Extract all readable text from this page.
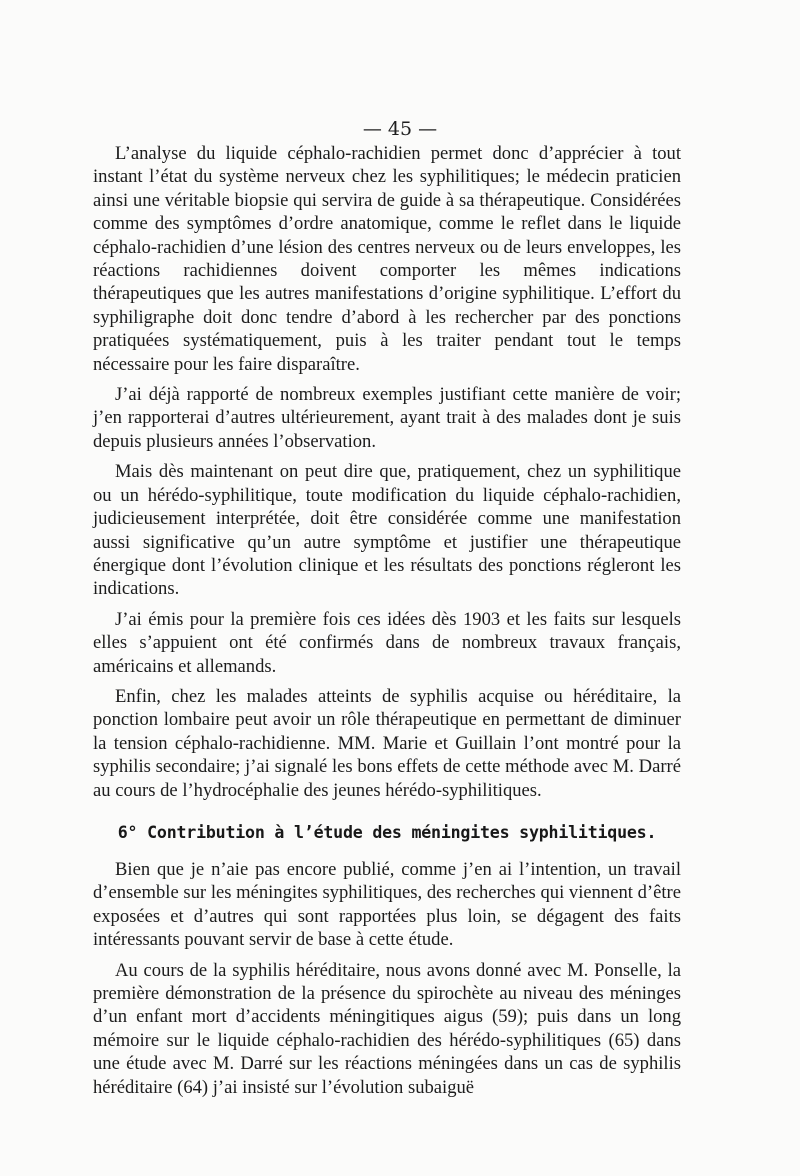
— 45 —

L’analyse du liquide céphalo-rachidien permet donc d’apprécier à tout instant l’état du système nerveux chez les syphilitiques; le médecin praticien ainsi une véritable biopsie qui servira de guide à sa thérapeutique. Considérées comme des symptômes d’ordre anatomique, comme le reflet dans le liquide céphalo-rachidien d’une lésion des centres nerveux ou de leurs enveloppes, les réactions rachidiennes doivent comporter les mêmes indications thérapeutiques que les autres manifestations d’origine syphilitique. L’effort du syphiligraphe doit donc tendre d’abord à les rechercher par des ponctions pratiquées systématiquement, puis à les traiter pendant tout le temps nécessaire pour les faire disparaître.

J’ai déjà rapporté de nombreux exemples justifiant cette manière de voir; j’en rapporterai d’autres ultérieurement, ayant trait à des malades dont je suis depuis plusieurs années l’observation.

Mais dès maintenant on peut dire que, pratiquement, chez un syphilitique ou un hérédo-syphilitique, toute modification du liquide céphalo-rachidien, judicieusement interprétée, doit être considérée comme une manifestation aussi significative qu’un autre symptôme et justifier une thérapeutique énergique dont l’évolution clinique et les résultats des ponctions régleront les indications.

J’ai émis pour la première fois ces idées dès 1903 et les faits sur lesquels elles s’appuient ont été confirmés dans de nombreux travaux français, américains et allemands.

Enfin, chez les malades atteints de syphilis acquise ou héréditaire, la ponction lombaire peut avoir un rôle thérapeutique en permettant de diminuer la tension céphalo-rachidienne. MM. Marie et Guillain l’ont montré pour la syphilis secondaire; j’ai signalé les bons effets de cette méthode avec M. Darré au cours de l’hydrocéphalie des jeunes hérédo-syphilitiques.

6° Contribution à l’étude des méningites syphilitiques.

Bien que je n’aie pas encore publié, comme j’en ai l’intention, un travail d’ensemble sur les méningites syphilitiques, des recherches qui viennent d’être exposées et d’autres qui sont rapportées plus loin, se dégagent des faits intéressants pouvant servir de base à cette étude.

Au cours de la syphilis héréditaire, nous avons donné avec M. Ponselle, la première démonstration de la présence du spirochète au niveau des méninges d’un enfant mort d’accidents méningitiques aigus (59); puis dans un long mémoire sur le liquide céphalo-rachidien des hérédo-syphilitiques (65) dans une étude avec M. Darré sur les réactions méningées dans un cas de syphilis héréditaire (64) j’ai insisté sur l’évolution subaiguë
